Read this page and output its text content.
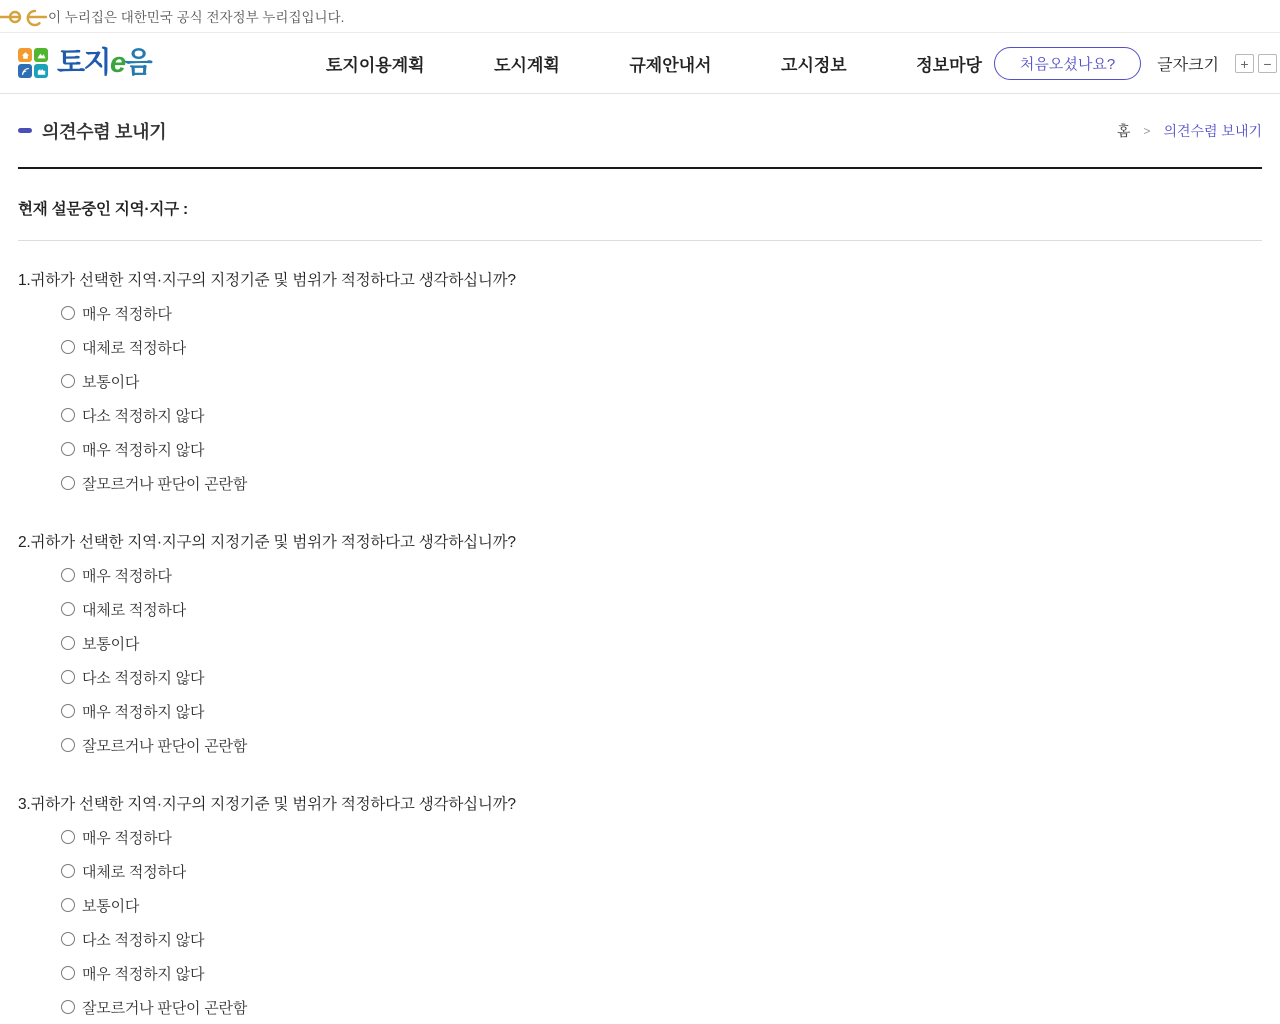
이 누리집은 대한민국 공식 전자정부 누리집입니다.
토지e음	토지이용계획	도시계획	규제안내서	고시정보	정보마당	처음오셨나요?	글자크기	+	−
의견수렴 보내기	홈 > 의견수렴 보내기
현재 설문중인 지역·지구 :

1.귀하가 선택한 지역·지구의 지정기준 및 범위가 적정하다고 생각하십니까?

매우 적정하다
대체로 적정하다
보통이다
다소 적정하지 않다
매우 적정하지 않다
잘모르거나 판단이 곤란함

2.귀하가 선택한 지역·지구의 지정기준 및 범위가 적정하다고 생각하십니까?

매우 적정하다
대체로 적정하다
보통이다
다소 적정하지 않다
매우 적정하지 않다
잘모르거나 판단이 곤란함

3.귀하가 선택한 지역·지구의 지정기준 및 범위가 적정하다고 생각하십니까?

매우 적정하다
대체로 적정하다
보통이다
다소 적정하지 않다
매우 적정하지 않다
잘모르거나 판단이 곤란함
